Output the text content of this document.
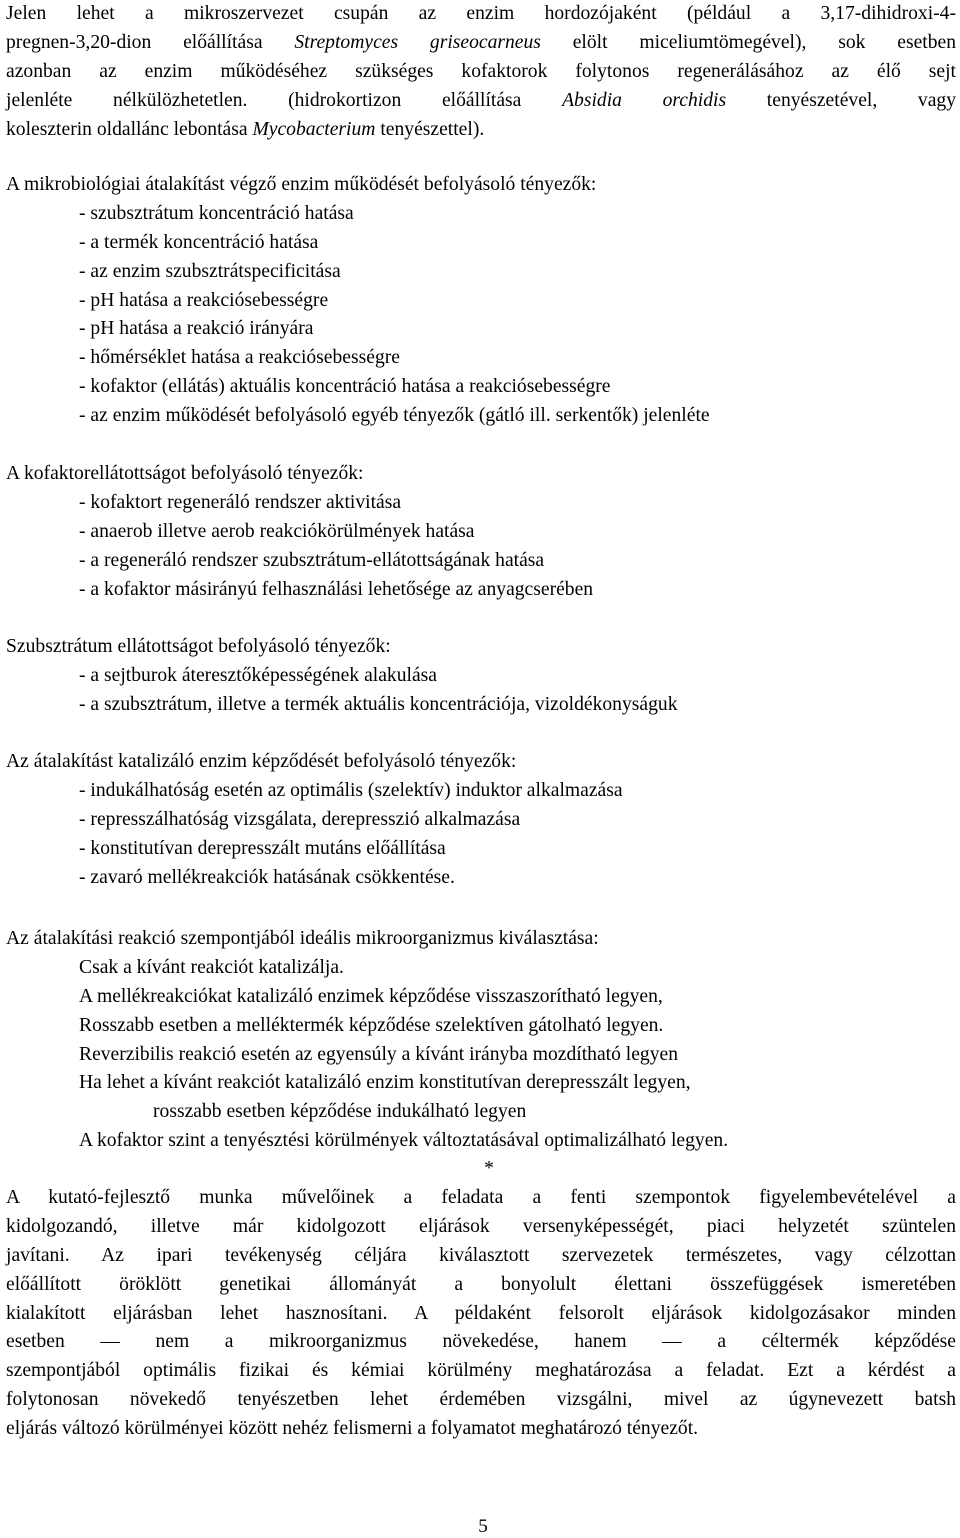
Jelen lehet a mikroszervezet csupán az enzim hordozójaként (például a 3,17-dihidroxi-4-
pregnen-3,20-dion előállítása Streptomyces griseocarneus elölt miceliumtömegével), sok esetben
azonban az enzim működéséhez szükséges kofaktorok folytonos regenerálásához az élő sejt
jelenléte nélkülözhetetlen. (hidrokortizon előállítása Absidia orchidis tenyészetével, vagy
koleszterin oldallánc lebontása Mycobacterium tenyészettel).
A mikrobiológiai átalakítást végző enzim működését befolyásoló tényezők:
- szubsztrátum koncentráció hatása
- a termék koncentráció hatása
- az enzim szubsztrátspecificitása
- pH hatása a reakciósebességre
- pH hatása a reakció irányára
- hőmérséklet hatása a reakciósebességre
- kofaktor (ellátás) aktuális koncentráció hatása a reakciósebességre
- az enzim működését befolyásoló egyéb tényezők (gátló ill. serkentők) jelenléte
A kofaktorellátottságot befolyásoló tényezők:
- kofaktort regeneráló rendszer aktivitása
- anaerob illetve aerob reakciókörülmények hatása
- a regeneráló rendszer szubsztrátum-ellátottságának hatása
- a kofaktor másirányú felhasználási lehetősége az anyagcserében
Szubsztrátum ellátottságot befolyásoló tényezők:
- a sejtburok áteresztőképességének alakulása
- a szubsztrátum, illetve a termék aktuális koncentrációja, vizoldékonyságuk
Az átalakítást katalizáló enzim képződését befolyásoló tényezők:
- indukálhatóság esetén az optimális (szelektív) induktor alkalmazása
- represszálhatóság vizsgálata, derepresszió alkalmazása
- konstitutívan derepresszált mutáns előállítása
- zavaró mellékreakciók hatásának csökkentése.
Az átalakítási reakció szempontjából ideális mikroorganizmus kiválasztása:
Csak a kívánt reakciót katalizálja.
A mellékreakciókat katalizáló enzimek képződése visszaszorítható legyen,
Rosszabb esetben a melléktermék képződése szelektíven gátolható legyen.
Reverzibilis reakció esetén az egyensúly a kívánt irányba mozdítható legyen
Ha lehet a kívánt reakciót katalizáló enzim konstitutívan derepresszált legyen,
rosszabb esetben képződése indukálható legyen
A kofaktor szint a tenyésztési körülmények változtatásával optimalizálható legyen.
*
A kutató-fejlesztő munka művelőinek a feladata a fenti szempontok figyelembevételével a
kidolgozandó, illetve már kidolgozott eljárások versenyképességét, piaci helyzetét szüntelen
javítani. Az ipari tevékenység céljára kiválasztott szervezetek természetes, vagy célzottan
előállított öröklött genetikai állományát a bonyolult élettani összefüggések ismeretében
kialakított eljárásban lehet hasznosítani. A példaként felsorolt eljárások kidolgozásakor minden
esetben — nem a mikroorganizmus növekedése, hanem — a céltermék képződése
szempontjából optimális fizikai és kémiai körülmény meghatározása a feladat. Ezt a kérdést a
folytonosan növekedő tenyészetben lehet érdemében vizsgálni, mivel az úgynevezett batsh
eljárás változó körülményei között nehéz felismerni a folyamatot meghatározó tényezőt.
5
